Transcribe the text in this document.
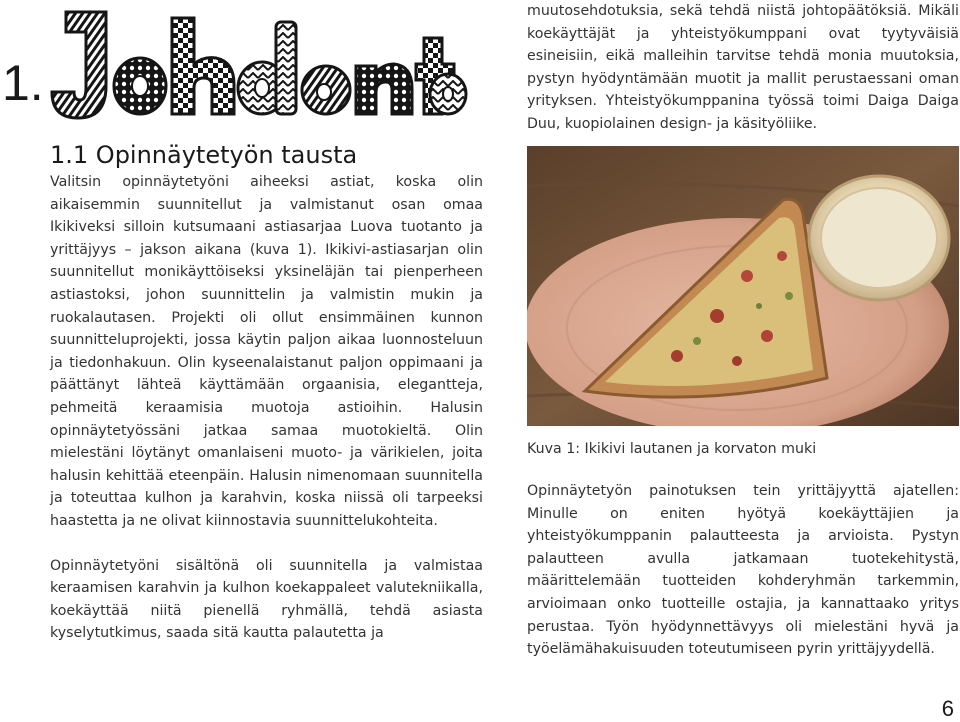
1.
1.1 Opinnäytetyön tausta

Valitsin opinnäytetyöni aiheeksi astiat, koska olin aikaisemmin suunnitellut ja valmistanut osan omaa Ikikiveksi silloin kutsumaani astiasarjaa Luova tuotanto ja yrittäjyys – jakson aikana (kuva 1). Ikikivi-astiasarjan olin suunnitellut monikäyttöiseksi yksineläjän tai pienperheen astiastoksi, johon suunnittelin ja valmistin mukin ja ruokalautasen. Projekti oli ollut ensimmäinen kunnon suunnitteluprojekti, jossa käytin paljon aikaa luonnosteluun ja tiedonhakuun. Olin kyseenalaistanut paljon oppimaani ja päättänyt lähteä käyttämään orgaanisia, elegantteja, pehmeitä keraamisia muotoja astioihin. Halusin opinnäytetyössäni jatkaa samaa muotokieltä. Olin mielestäni löytänyt omanlaiseni muoto- ja värikielen, joita halusin kehittää eteenpäin. Halusin nimenomaan suunnitella ja toteuttaa kulhon ja karahvin, koska niissä oli tarpeeksi haastetta ja ne olivat kiinnostavia suunnittelukohteita.

Opinnäytetyöni sisältönä oli suunnitella ja valmistaa keraamisen karahvin ja kulhon koekappaleet valutekniikalla, koekäyttää niitä pienellä ryhmällä, tehdä asiasta kyselytutkimus, saada sitä kautta palautetta ja

muutosehdotuksia, sekä tehdä niistä johtopäätöksiä. Mikäli koekäyttäjät ja yhteistyökumppani ovat tyytyväisiä esineisiin, eikä malleihin tarvitse tehdä monia muutoksia, pystyn hyödyntämään muotit ja mallit perustaessani oman yrityksen. Yhteistyökumppanina työssä toimi Daiga Daiga Duu, kuopiolainen design- ja käsityöliike.

Kuva 1: Ikikivi lautanen ja korvaton muki

Opinnäytetyön painotuksen tein yrittäjyyttä ajatellen: Minulle on eniten hyötyä koekäyttäjien ja yhteistyökumppanin palautteesta ja arvioista. Pystyn palautteen avulla jatkamaan tuotekehitystä, määrittelemään tuotteiden kohderyhmän tarkemmin, arvioimaan onko tuotteille ostajia, ja kannattaako yritys perustaa. Työn hyödynnettävyys oli mielestäni hyvä ja työelämähakuisuuden toteutumiseen pyrin yrittäjyydellä.

6
